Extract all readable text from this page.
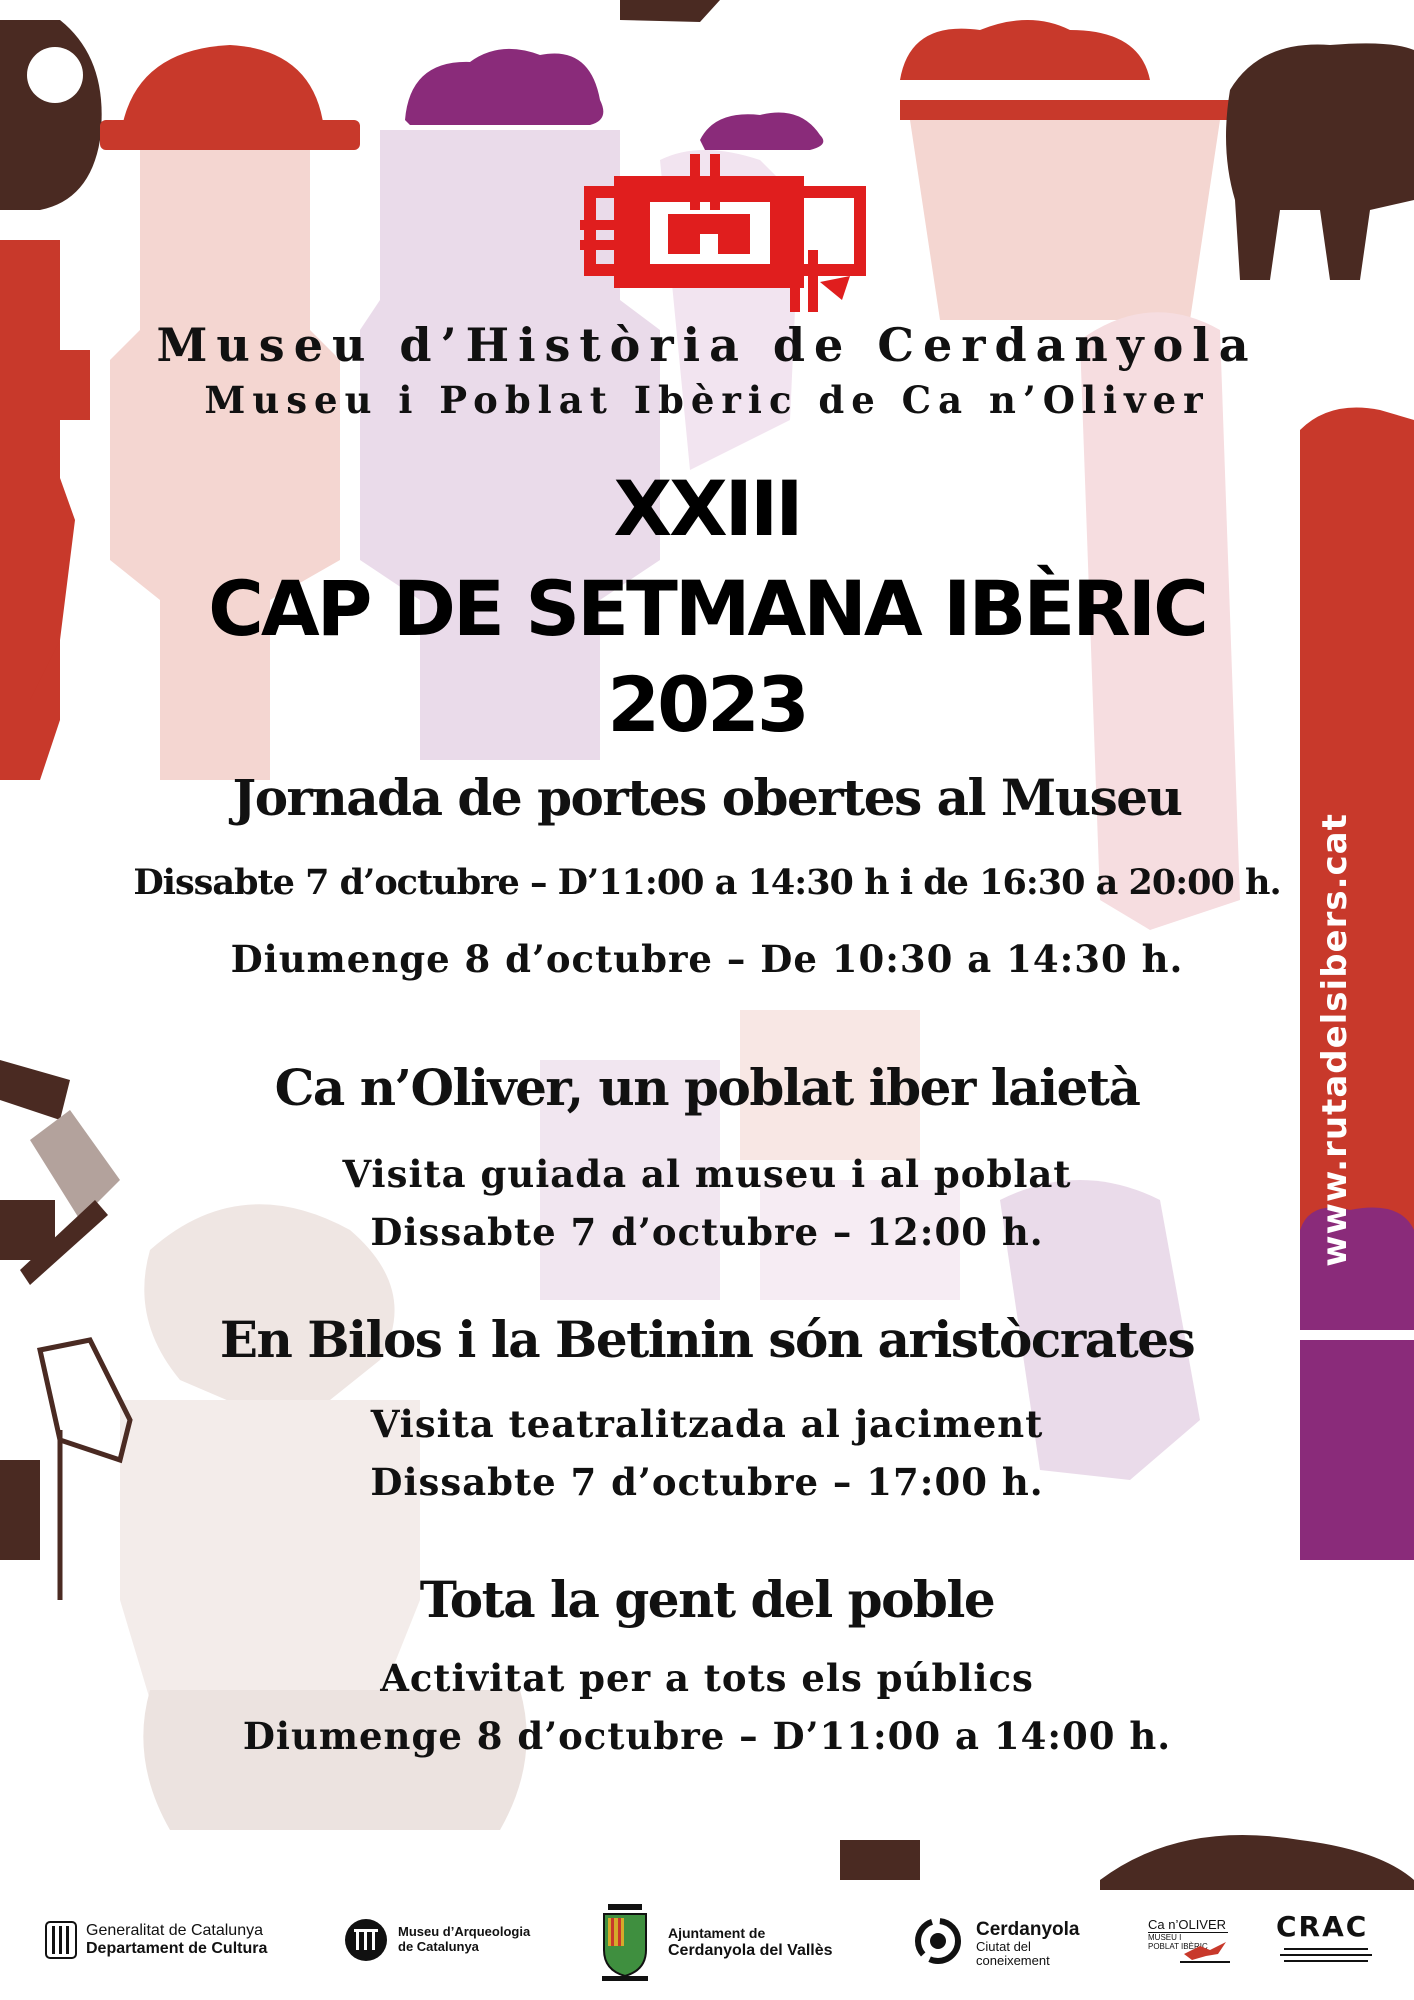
Museu d’Història de Cerdanyola
Museu i Poblat Ibèric de Ca n’Oliver
XXIII
CAP DE SETMANA IBÈRIC
2023
Jornada de portes obertes al Museu
Dissabte 7 d’octubre – D’11:00 a 14:30 h i de 16:30 a 20:00 h.
Diumenge 8 d’octubre – De 10:30 a 14:30 h.
Ca n’Oliver, un poblat iber laietà
Visita guiada al museu i al poblat
Dissabte 7 d’octubre – 12:00 h.
En Bilos i la Betinin són aristòcrates
Visita teatralitzada al jaciment
Dissabte 7 d’octubre – 17:00 h.
Tota la gent del poble
Activitat per a tots els públics
Diumenge 8 d’octubre – D’11:00 a 14:00 h.
www.rutadelsibers.cat
Generalitat de Catalunya
Departament de Cultura
Museu d’Arqueologia
de Catalunya
Ajuntament de
Cerdanyola del Vallès
Cerdanyola
Ciutat del
coneixement
Ca n’OLIVER
MUSEU I
POBLAT IBÈRIC
CRAC
